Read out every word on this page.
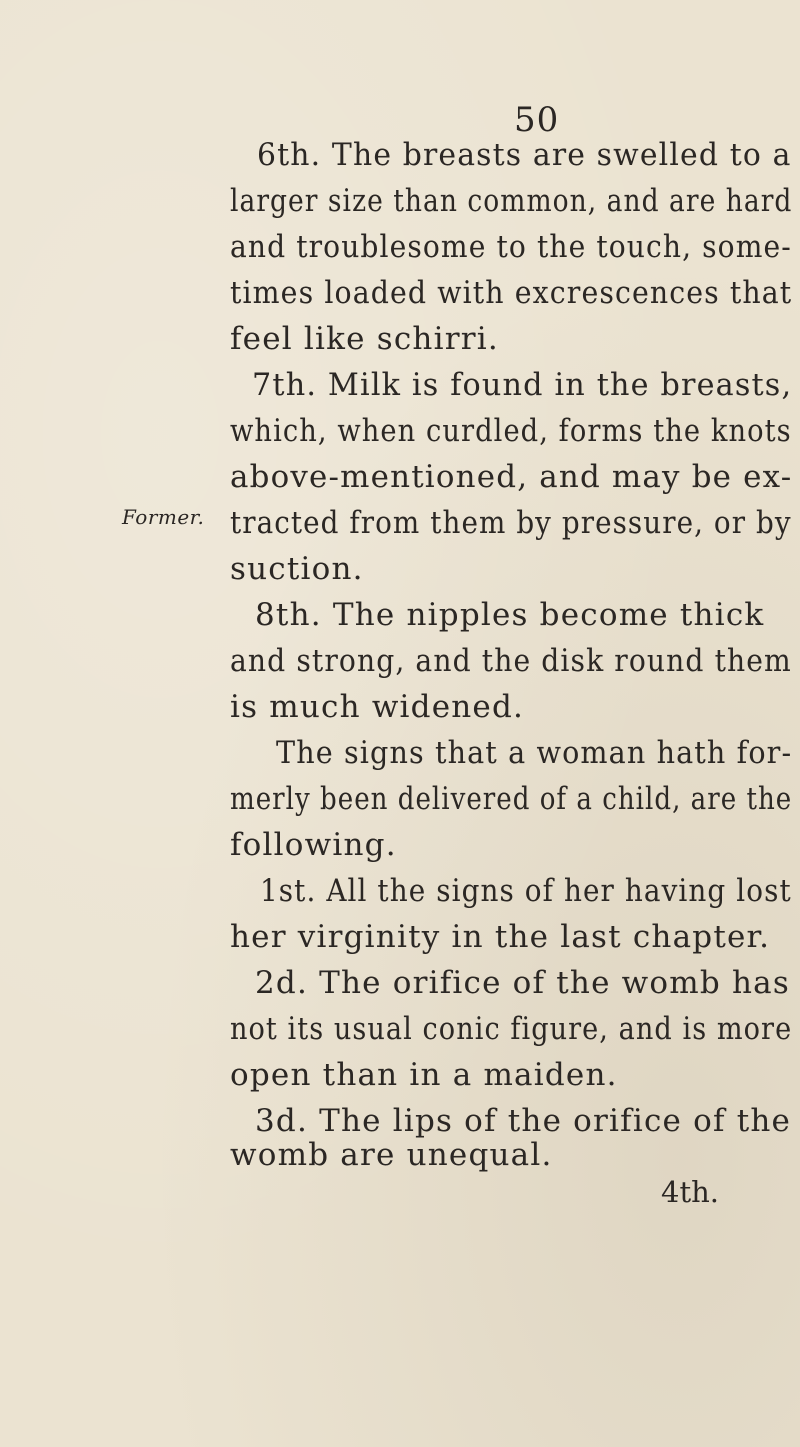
50
Former.
6th. The breasts are swelled to a
larger size than common, and are hard
and troublesome to the touch, some-
times loaded with excrescences that
feel like schirri.
7th. Milk is found in the breasts,
which, when curdled, forms the knots
above-mentioned, and may be ex-
tracted from them by pressure, or by
suction.
8th. The nipples become thick
and strong, and the disk round them
is much widened.
The signs that a woman hath for-
merly been delivered of a child, are the
following.
1st. All the signs of her having lost
her virginity in the last chapter.
2d. The orifice of the womb has
not its usual conic figure, and is more
open than in a maiden.
3d. The lips of the orifice of the
womb are unequal.
4th.
